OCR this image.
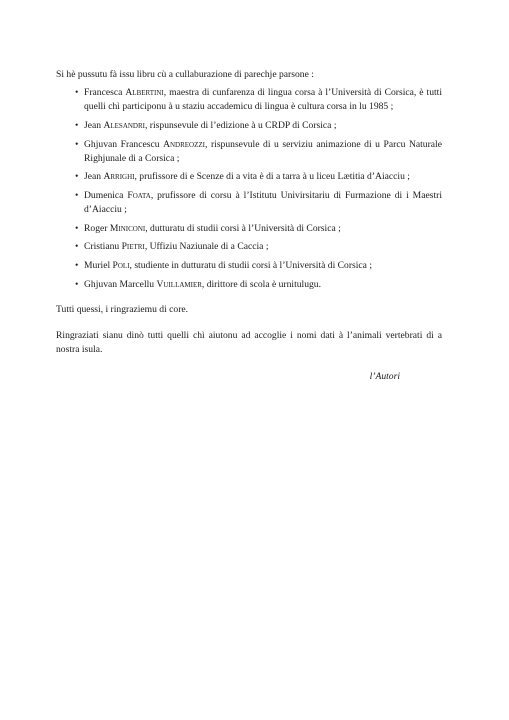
Si hè pussutu fà issu libru cù a cullaburazione di parechje parsone :

• Francesca Albertini, maestra di cunfarenza di lingua corsa à l’Università di Corsica, è tutti quelli chì participonu à u staziu accademicu di lingua è cultura corsa in lu 1985 ;
• Jean Alesandri, rispunsevule di l’edizione à u CRDP di Corsica ;
• Ghjuvan Francescu Andreozzi, rispunsevule di u serviziu animazione di u Parcu Naturale Righjunale di a Corsica ;
• Jean Arrighi, prufissore di e Scenze di a vita è di a tarra à u liceu Lætitia d’Aiacciu ;
• Dumenica Foata, prufissore di corsu à l’Istitutu Univirsitariu di Furmazione di i Maestri d’Aiacciu ;
• Roger Miniconi, dutturatu di studii corsi à l’Università di Corsica ;
• Cristianu Pietri, Uffiziu Naziunale di a Caccia ;
• Muriel Poli, studiente in dutturatu di studii corsi à l’Università di Corsica ;
• Ghjuvan Marcellu Vuillamier, dirittore di scola è urnitulugu.

Tutti quessi, i ringraziemu di core.

Ringraziati sianu dinò tutti quelli chì aiutonu ad accoglie i nomi dati à l’animali vertebrati di a nostra isula.

l’Autori
